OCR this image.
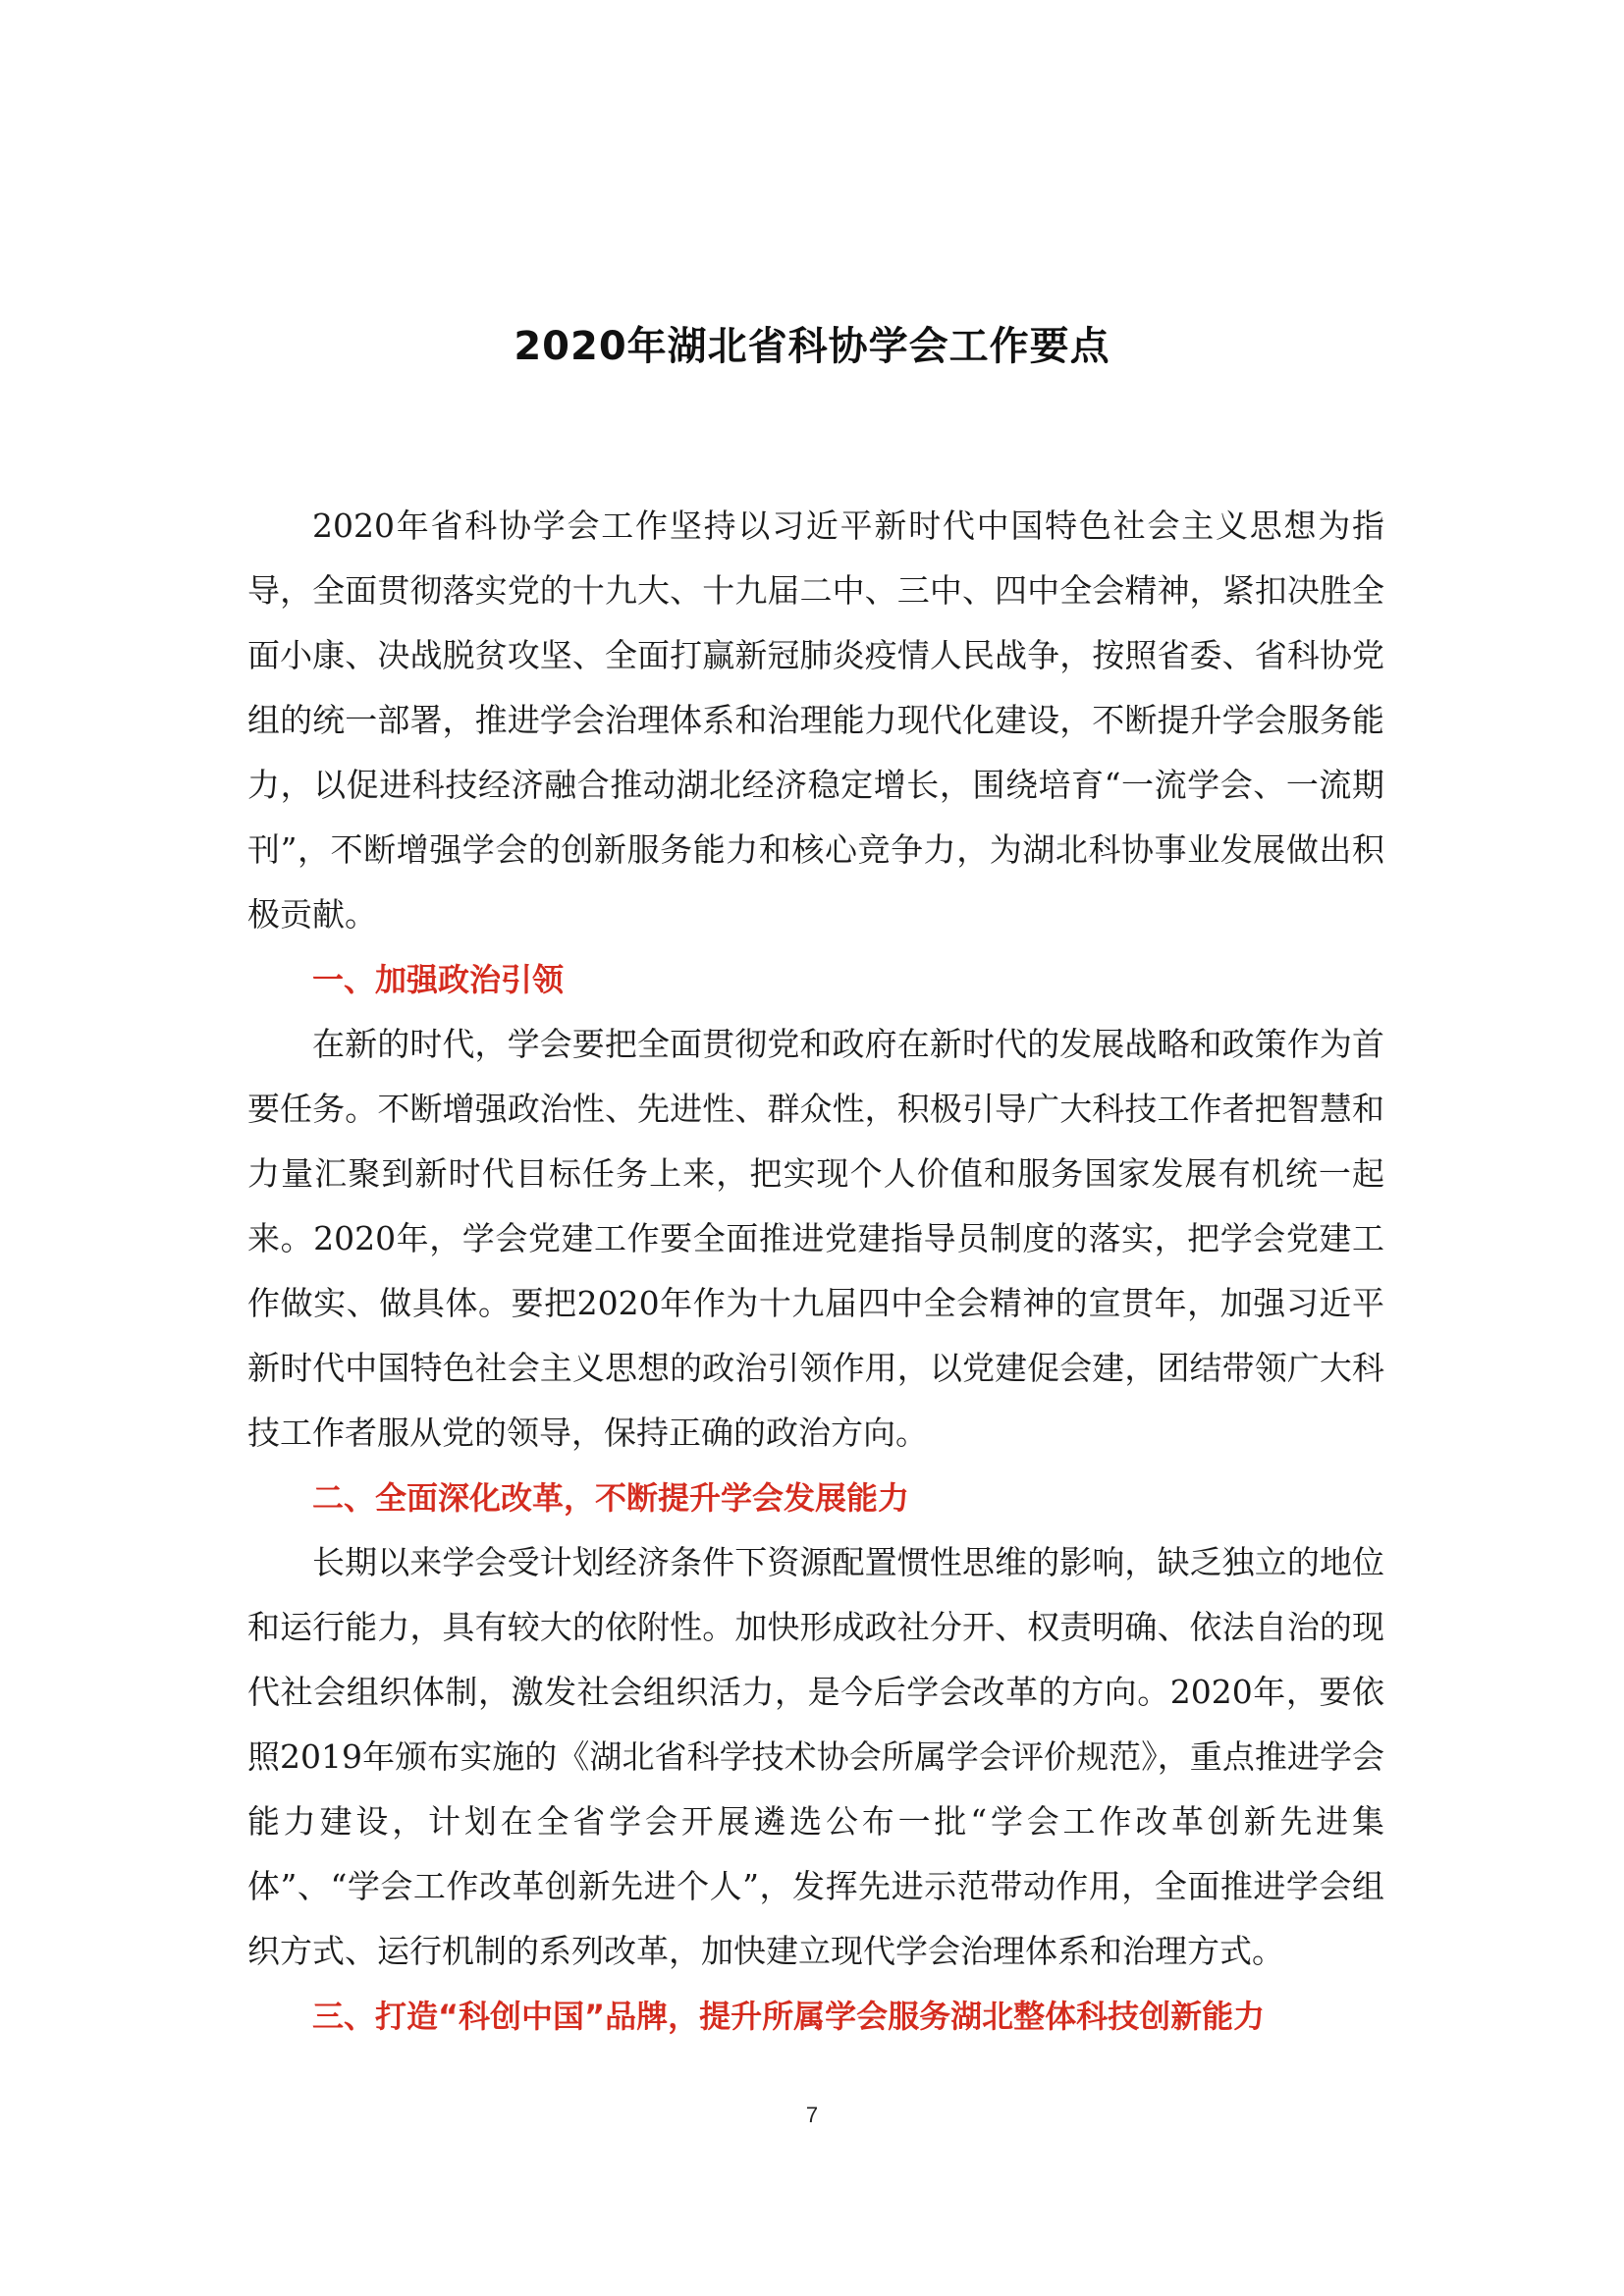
2020年湖北省科协学会工作要点

2020年省科协学会工作坚持以习近平新时代中国特色社会主义思想为指导，全面贯彻落实党的十九大、十九届二中、三中、四中全会精神，紧扣决胜全面小康、决战脱贫攻坚、全面打赢新冠肺炎疫情人民战争，按照省委、省科协党组的统一部署，推进学会治理体系和治理能力现代化建设，不断提升学会服务能力，以促进科技经济融合推动湖北经济稳定增长，围绕培育“一流学会、一流期刊”，不断增强学会的创新服务能力和核心竞争力，为湖北科协事业发展做出积极贡献。

一、加强政治引领

在新的时代，学会要把全面贯彻党和政府在新时代的发展战略和政策作为首要任务。不断增强政治性、先进性、群众性，积极引导广大科技工作者把智慧和力量汇聚到新时代目标任务上来，把实现个人价值和服务国家发展有机统一起来。2020年，学会党建工作要全面推进党建指导员制度的落实，把学会党建工作做实、做具体。要把2020年作为十九届四中全会精神的宣贯年，加强习近平新时代中国特色社会主义思想的政治引领作用，以党建促会建，团结带领广大科技工作者服从党的领导，保持正确的政治方向。

二、全面深化改革，不断提升学会发展能力

长期以来学会受计划经济条件下资源配置惯性思维的影响，缺乏独立的地位和运行能力，具有较大的依附性。加快形成政社分开、权责明确、依法自治的现代社会组织体制，激发社会组织活力，是今后学会改革的方向。2020年，要依照2019年颁布实施的《湖北省科学技术协会所属学会评价规范》，重点推进学会能力建设，计划在全省学会开展遴选公布一批“学会工作改革创新先进集体”、“学会工作改革创新先进个人”，发挥先进示范带动作用，全面推进学会组织方式、运行机制的系列改革，加快建立现代学会治理体系和治理方式。

三、打造“科创中国”品牌，提升所属学会服务湖北整体科技创新能力

7
